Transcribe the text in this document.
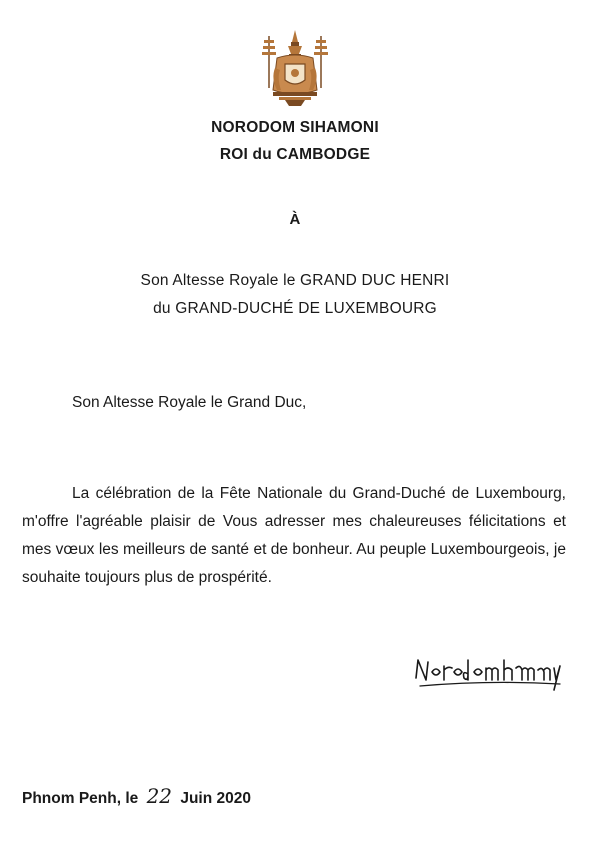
NORODOM SIHAMONI
ROI du CAMBODGE
À
Son Altesse Royale le GRAND DUC HENRI
du GRAND-DUCHÉ DE LUXEMBOURG
Son Altesse Royale le Grand Duc,
La célébration de la Fête Nationale du Grand-Duché de Luxembourg, m'offre l'agréable plaisir de Vous adresser mes chaleureuses félicitations et mes vœux les meilleurs de santé et de bonheur. Au peuple Luxembourgeois, je souhaite toujours plus de prospérité.
Phnom Penh, le 22 Juin 2020
